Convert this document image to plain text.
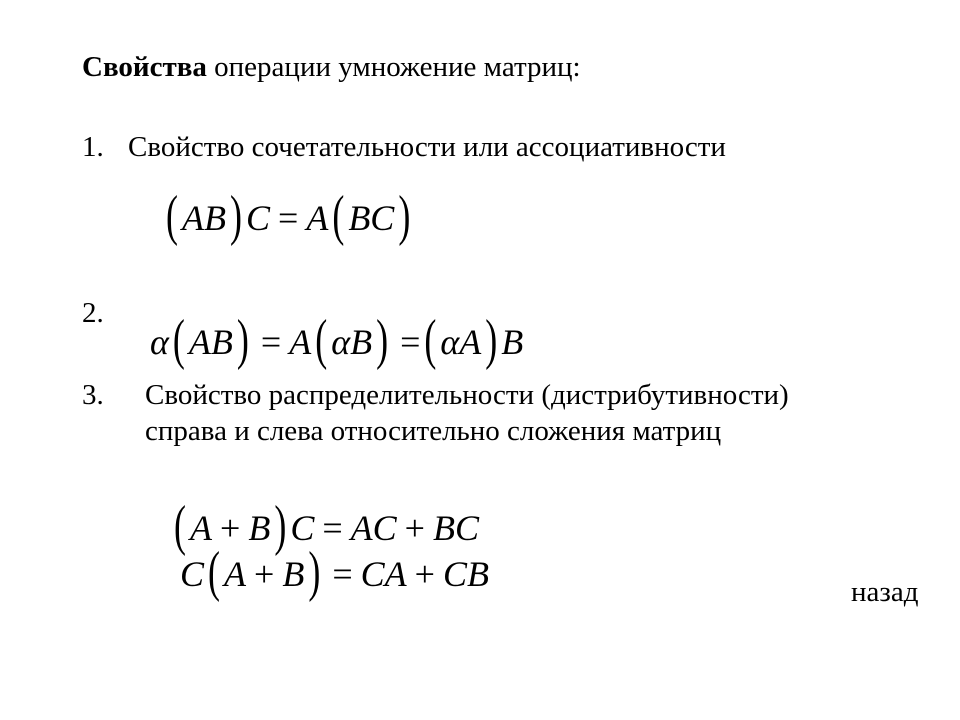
Свойства операции умножение матриц:
1. Свойство сочетательности или ассоциативности
( AB ) C = A ( BC )
2.
α ( AB ) = A ( αB ) = ( αA ) B
3. Свойство распределительности (дистрибутивности)
справа и слева относительно сложения матриц
( A + B ) C = AC + BC
C ( A + B ) = CA + CB	назад
